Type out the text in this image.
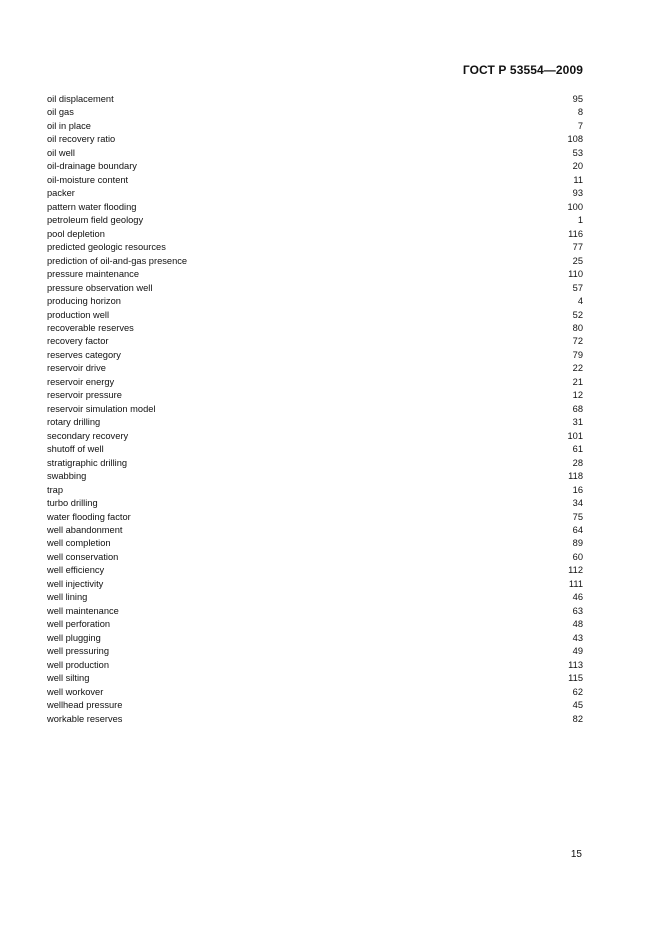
ГОСТ Р 53554—2009
oil displacement	95
oil gas	8
oil in place	7
oil recovery ratio	108
oil well	53
oil-drainage boundary	20
oil-moisture content	11
packer	93
pattern water flooding	100
petroleum field geology	1
pool depletion	116
predicted geologic resources	77
prediction of oil-and-gas presence	25
pressure maintenance	110
pressure observation well	57
producing horizon	4
production well	52
recoverable reserves	80
recovery factor	72
reserves category	79
reservoir drive	22
reservoir energy	21
reservoir pressure	12
reservoir simulation model	68
rotary drilling	31
secondary recovery	101
shutoff of well	61
stratigraphic drilling	28
swabbing	118
trap	16
turbo drilling	34
water flooding factor	75
well abandonment	64
well completion	89
well conservation	60
well efficiency	112
well injectivity	111
well lining	46
well maintenance	63
well perforation	48
well plugging	43
well pressuring	49
well production	113
well silting	115
well workover	62
wellhead pressure	45
workable reserves	82
15
